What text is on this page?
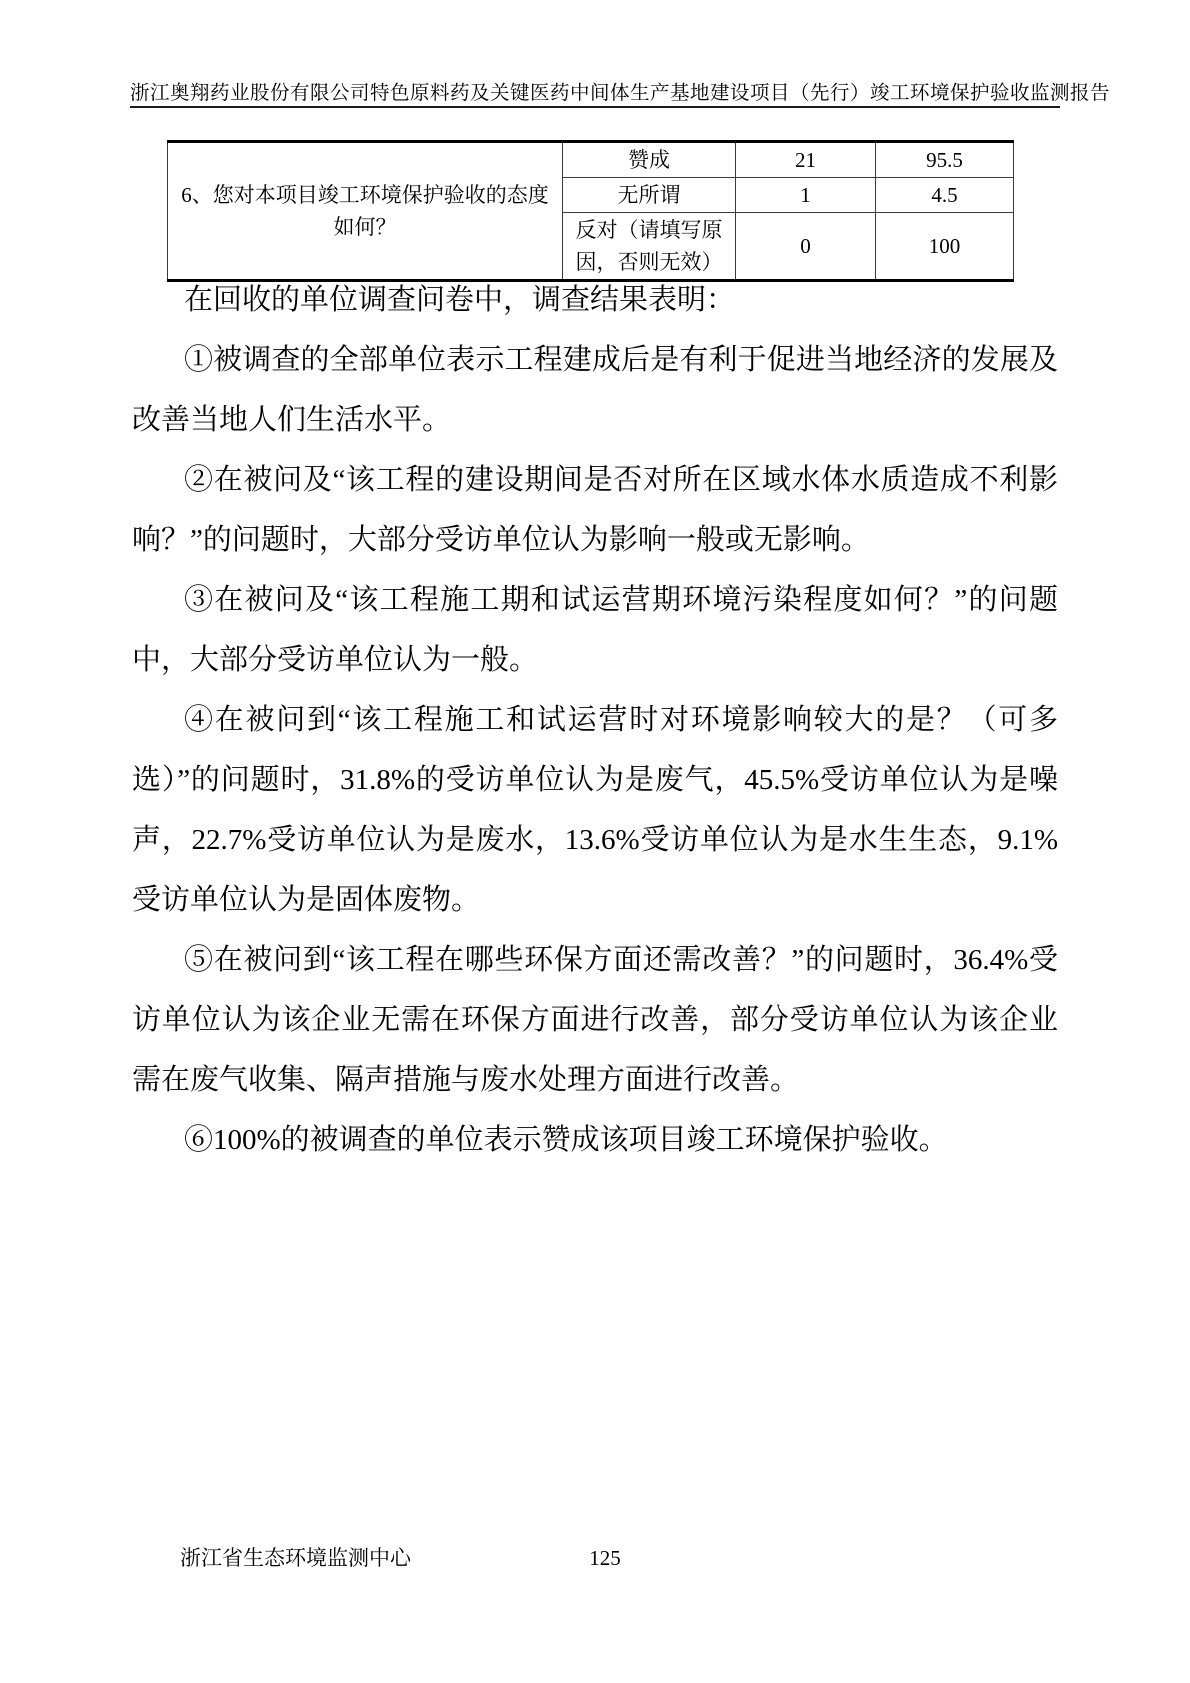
浙江奥翔药业股份有限公司特色原料药及关键医药中间体生产基地建设项目（先行）竣工环境保护验收监测报告
6、您对本项目竣工环境保护验收的态度如何？	赞成	21	95.5
	无所谓	1	4.5
	反对（请填写原因，否则无效）	0	100

在回收的单位调查问卷中，调查结果表明：

①被调查的全部单位表示工程建成后是有利于促进当地经济的发展及改善当地人们生活水平。

②在被问及“该工程的建设期间是否对所在区域水体水质造成不利影响？”的问题时，大部分受访单位认为影响一般或无影响。

③在被问及“该工程施工期和试运营期环境污染程度如何？”的问题中，大部分受访单位认为一般。

④在被问到“该工程施工和试运营时对环境影响较大的是？（可多选）”的问题时，31.8%的受访单位认为是废气，45.5%受访单位认为是噪声，22.7%受访单位认为是废水，13.6%受访单位认为是水生生态，9.1%受访单位认为是固体废物。

⑤在被问到“该工程在哪些环保方面还需改善？”的问题时，36.4%受访单位认为该企业无需在环保方面进行改善，部分受访单位认为该企业需在废气收集、隔声措施与废水处理方面进行改善。

⑥100%的被调查的单位表示赞成该项目竣工环境保护验收。

浙江省生态环境监测中心	125
